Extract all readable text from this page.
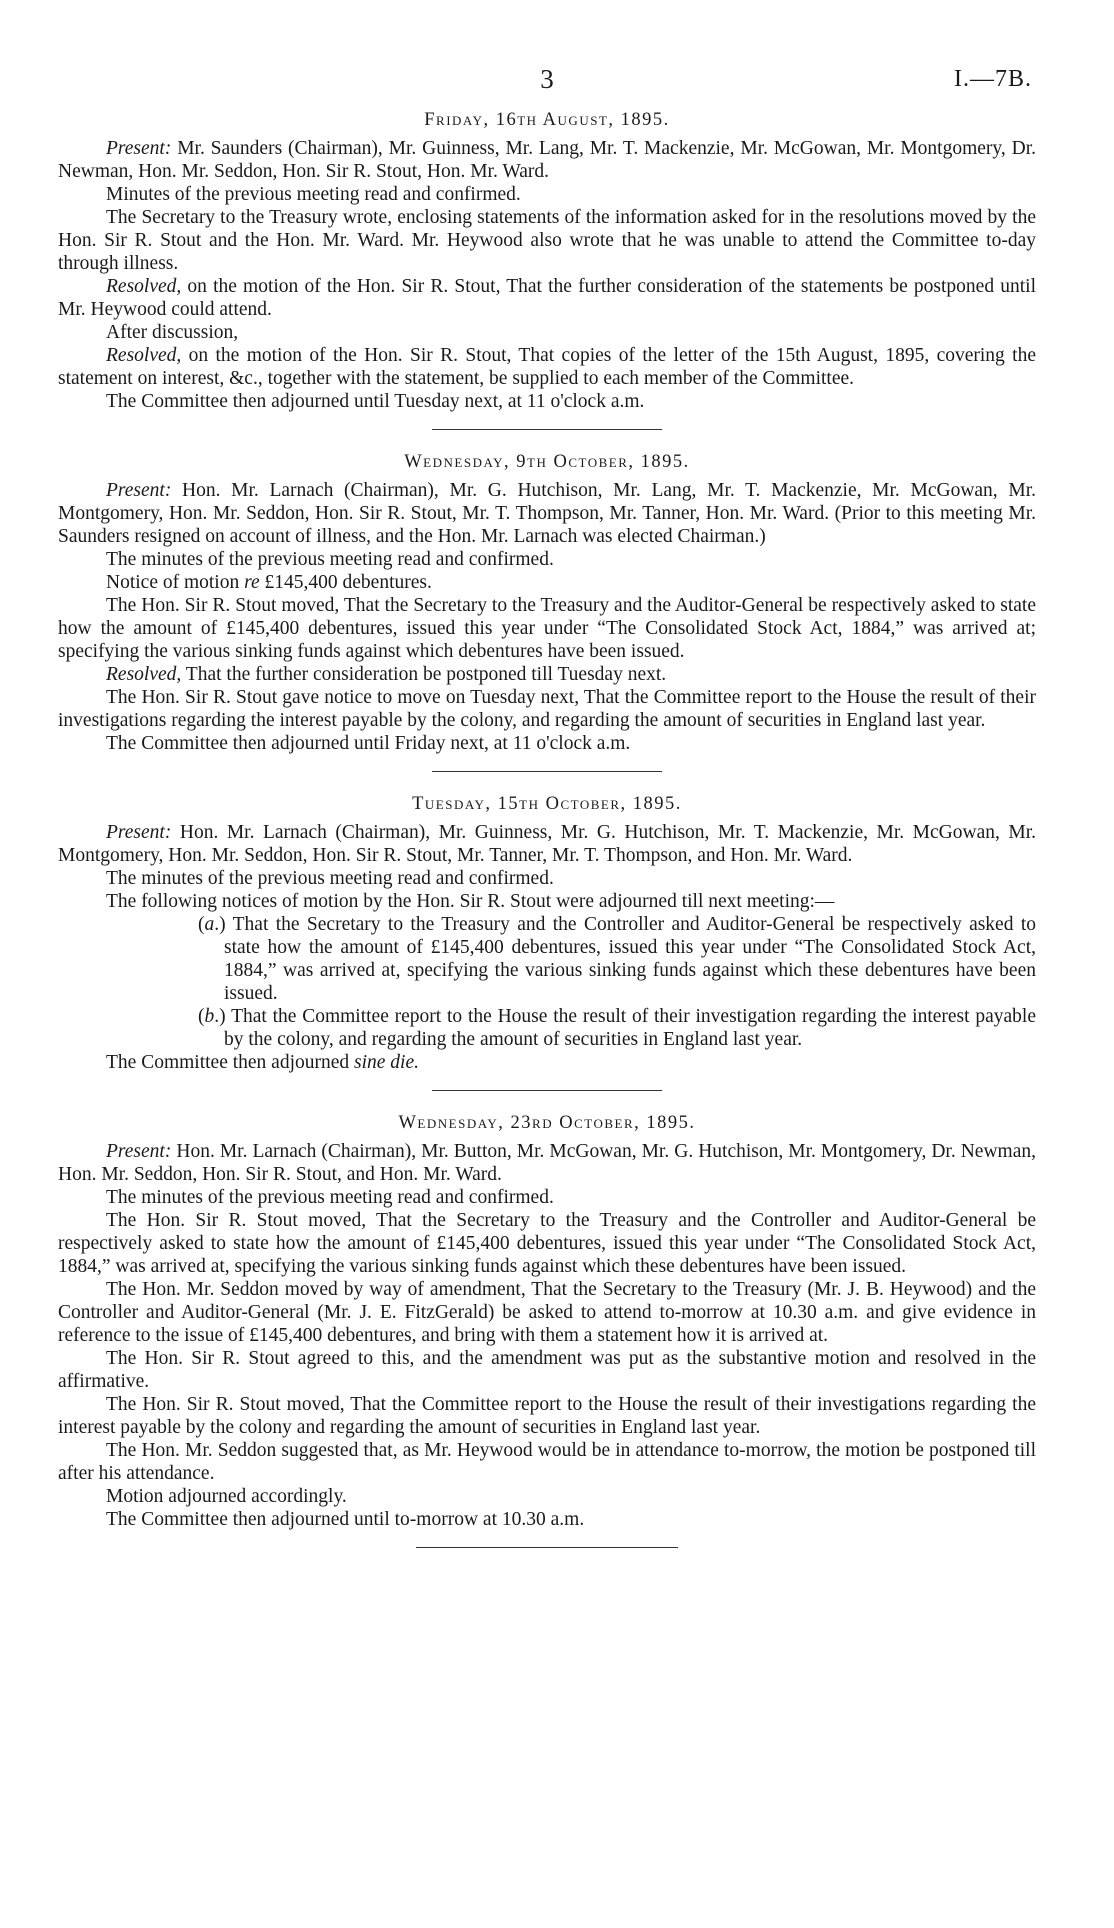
3	I.—7B.
Friday, 16th August, 1895.

Present: Mr. Saunders (Chairman), Mr. Guinness, Mr. Lang, Mr. T. Mackenzie, Mr. McGowan, Mr. Montgomery, Dr. Newman, Hon. Mr. Seddon, Hon. Sir R. Stout, Hon. Mr. Ward.

Minutes of the previous meeting read and confirmed.

The Secretary to the Treasury wrote, enclosing statements of the information asked for in the resolutions moved by the Hon. Sir R. Stout and the Hon. Mr. Ward. Mr. Heywood also wrote that he was unable to attend the Committee to-day through illness.

Resolved, on the motion of the Hon. Sir R. Stout, That the further consideration of the statements be postponed until Mr. Heywood could attend.

After discussion,

Resolved, on the motion of the Hon. Sir R. Stout, That copies of the letter of the 15th August, 1895, covering the statement on interest, &c., together with the statement, be supplied to each member of the Committee.

The Committee then adjourned until Tuesday next, at 11 o'clock a.m.

Wednesday, 9th October, 1895.

Present: Hon. Mr. Larnach (Chairman), Mr. G. Hutchison, Mr. Lang, Mr. T. Mackenzie, Mr. McGowan, Mr. Montgomery, Hon. Mr. Seddon, Hon. Sir R. Stout, Mr. T. Thompson, Mr. Tanner, Hon. Mr. Ward. (Prior to this meeting Mr. Saunders resigned on account of illness, and the Hon. Mr. Larnach was elected Chairman.)

The minutes of the previous meeting read and confirmed.

Notice of motion re £145,400 debentures.

The Hon. Sir R. Stout moved, That the Secretary to the Treasury and the Auditor-General be respectively asked to state how the amount of £145,400 debentures, issued this year under “The Consolidated Stock Act, 1884,” was arrived at; specifying the various sinking funds against which debentures have been issued.

Resolved, That the further consideration be postponed till Tuesday next.

The Hon. Sir R. Stout gave notice to move on Tuesday next, That the Committee report to the House the result of their investigations regarding the interest payable by the colony, and regarding the amount of securities in England last year.

The Committee then adjourned until Friday next, at 11 o'clock a.m.

Tuesday, 15th October, 1895.

Present: Hon. Mr. Larnach (Chairman), Mr. Guinness, Mr. G. Hutchison, Mr. T. Mackenzie, Mr. McGowan, Mr. Montgomery, Hon. Mr. Seddon, Hon. Sir R. Stout, Mr. Tanner, Mr. T. Thompson, and Hon. Mr. Ward.

The minutes of the previous meeting read and confirmed.

The following notices of motion by the Hon. Sir R. Stout were adjourned till next meeting:—

(a.) That the Secretary to the Treasury and the Controller and Auditor-General be respectively asked to state how the amount of £145,400 debentures, issued this year under “The Consolidated Stock Act, 1884,” was arrived at, specifying the various sinking funds against which these debentures have been issued.

(b.) That the Committee report to the House the result of their investigation regarding the interest payable by the colony, and regarding the amount of securities in England last year.

The Committee then adjourned sine die.

Wednesday, 23rd October, 1895.

Present: Hon. Mr. Larnach (Chairman), Mr. Button, Mr. McGowan, Mr. G. Hutchison, Mr. Montgomery, Dr. Newman, Hon. Mr. Seddon, Hon. Sir R. Stout, and Hon. Mr. Ward.

The minutes of the previous meeting read and confirmed.

The Hon. Sir R. Stout moved, That the Secretary to the Treasury and the Controller and Auditor-General be respectively asked to state how the amount of £145,400 debentures, issued this year under “The Consolidated Stock Act, 1884,” was arrived at, specifying the various sinking funds against which these debentures have been issued.

The Hon. Mr. Seddon moved by way of amendment, That the Secretary to the Treasury (Mr. J. B. Heywood) and the Controller and Auditor-General (Mr. J. E. FitzGerald) be asked to attend to-morrow at 10.30 a.m. and give evidence in reference to the issue of £145,400 debentures, and bring with them a statement how it is arrived at.

The Hon. Sir R. Stout agreed to this, and the amendment was put as the substantive motion and resolved in the affirmative.

The Hon. Sir R. Stout moved, That the Committee report to the House the result of their investigations regarding the interest payable by the colony and regarding the amount of securities in England last year.

The Hon. Mr. Seddon suggested that, as Mr. Heywood would be in attendance to-morrow, the motion be postponed till after his attendance.

Motion adjourned accordingly.

The Committee then adjourned until to-morrow at 10.30 a.m.
